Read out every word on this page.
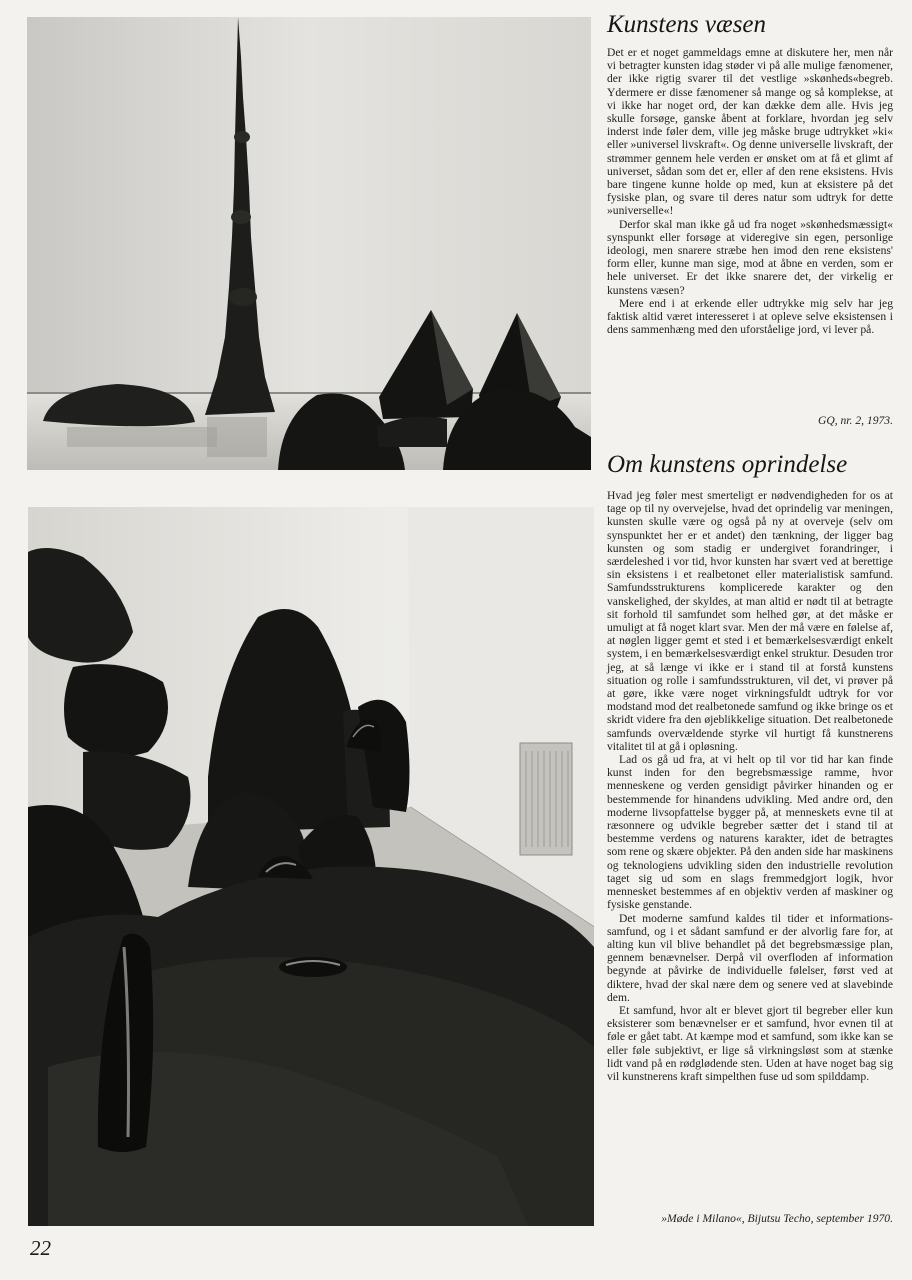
Kunstens væsen

Det er et noget gammeldags emne at diskutere her, men når vi betragter kunsten idag støder vi på alle mulige fænomener, der ikke rigtig svarer til det vestlige »skønheds«begreb. Ydermere er disse fænomener så mange og så komplekse, at vi ikke har noget ord, der kan dække dem alle. Hvis jeg skulle forsøge, ganske åbent at forklare, hvordan jeg selv inderst inde føler dem, ville jeg måske bruge udtrykket »ki« eller »universel livskraft«. Og denne universelle livskraft, der strømmer gennem hele verden er ønsket om at få et glimt af universet, sådan som det er, eller af den rene eksistens. Hvis bare tingene kunne holde op med, kun at eksistere på det fysiske plan, og svare til deres natur som udtryk for dette »universelle«!

Derfor skal man ikke gå ud fra noget »skønhedsmæssigt« synspunkt eller forsøge at videregive sin egen, personlige ideologi, men snarere stræbe hen imod den rene eksistens' form eller, kunne man sige, mod at åbne en verden, som er hele universet. Er det ikke snarere det, der virkelig er kunstens væsen?

Mere end i at erkende eller udtrykke mig selv har jeg faktisk altid været interesseret i at opleve selve eksistensen i dens sammenhæng med den uforståelige jord, vi lever på.

GQ, nr. 2, 1973.

Om kunstens oprindelse

Hvad jeg føler mest smerteligt er nødvendigheden for os at tage op til ny overvejelse, hvad det oprindelig var meningen, kunsten skulle være og også på ny at overveje (selv om synspunktet her er et andet) den tænkning, der ligger bag kunsten og som stadig er undergivet forandringer, i særdeleshed i vor tid, hvor kunsten har svært ved at berettige sin eksistens i et realbetonet eller materialistisk samfund. Samfundsstrukturens komplicerede karakter og den vanskelighed, der skyldes, at man altid er nødt til at betragte sit forhold til samfundet som helhed gør, at det måske er umuligt at få noget klart svar. Men der må være en følelse af, at nøglen ligger gemt et sted i et bemærkelsesværdigt enkelt system, i en bemærkelsesværdigt enkel struktur. Desuden tror jeg, at så længe vi ikke er i stand til at forstå kunstens situation og rolle i samfundsstrukturen, vil det, vi prøver på at gøre, ikke være noget virkningsfuldt udtryk for vor modstand mod det realbetonede samfund og ikke bringe os et skridt videre fra den øjeblikkelige situation. Det realbetonede samfunds overvældende styrke vil hurtigt få kunstnerens vitalitet til at gå i opløsning.

Lad os gå ud fra, at vi helt op til vor tid har kan finde kunst inden for den begrebsmæssige ramme, hvor menneskene og verden gensidigt påvirker hinanden og er bestemmende for hinandens udvikling. Med andre ord, den moderne livsopfattelse bygger på, at menneskets evne til at ræsonnere og udvikle begreber sætter det i stand til at bestemme verdens og naturens karakter, idet de betragtes som rene og skære objekter. På den anden side har maskinens og teknologiens udvikling siden den industrielle revolution taget sig ud som en slags fremmedgjort logik, hvor mennesket bestemmes af en objektiv verden af maskiner og fysiske genstande.

Det moderne samfund kaldes til tider et informations-samfund, og i et sådant samfund er der alvorlig fare for, at alting kun vil blive behandlet på det begrebsmæssige plan, gennem benævnelser. Derpå vil overfloden af information begynde at påvirke de individuelle følelser, først ved at diktere, hvad der skal nære dem og senere ved at slavebinde dem.

Et samfund, hvor alt er blevet gjort til begreber eller kun eksisterer som benævnelser er et samfund, hvor evnen til at føle er gået tabt. At kæmpe mod et samfund, som ikke kan se eller føle subjektivt, er lige så virkningsløst som at stænke lidt vand på en rødglødende sten. Uden at have noget bag sig vil kunstnerens kraft simpelthen fuse ud som spilddamp.

»Møde i Milano«, Bijutsu Techo, september 1970.

22
